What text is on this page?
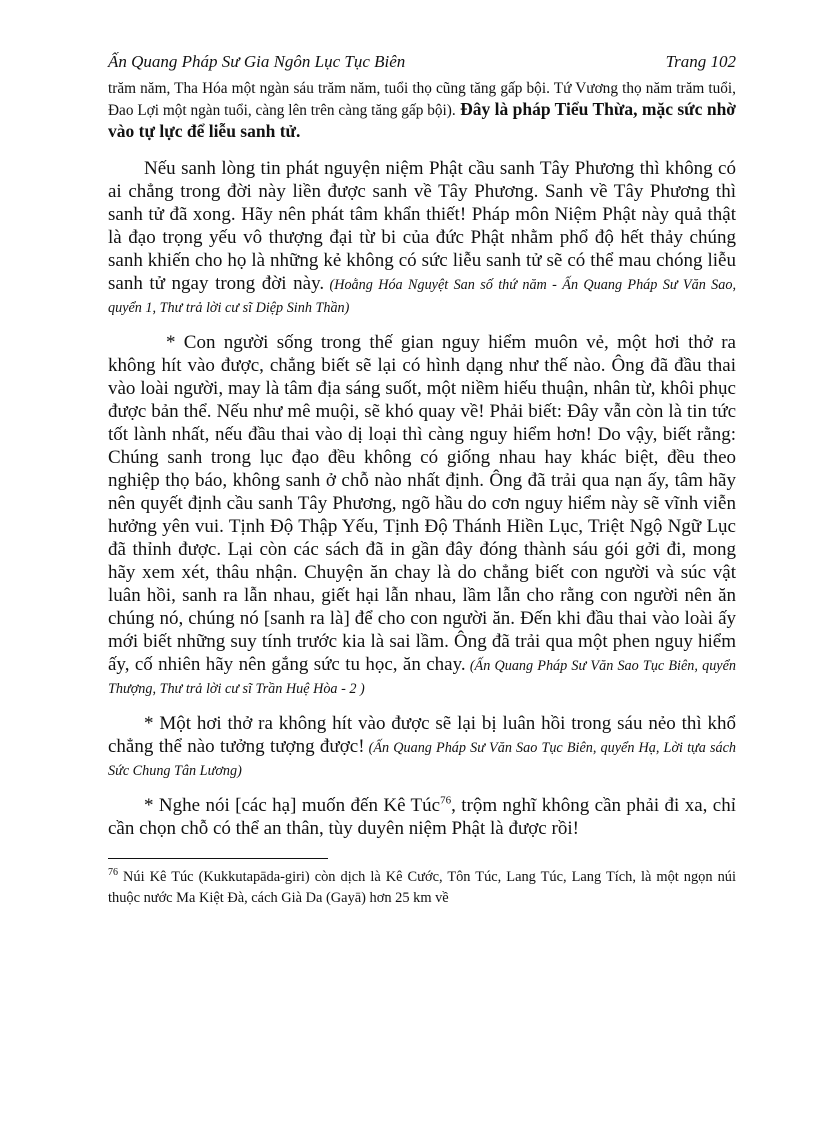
Ấn Quang Pháp Sư Gia Ngôn Lục Tục Biên	Trang 102

trăm năm, Tha Hóa một ngàn sáu trăm năm, tuổi thọ cũng tăng gấp bội. Tứ Vương thọ năm trăm tuổi, Đao Lợi một ngàn tuổi, càng lên trên càng tăng gấp bội). Đây là pháp Tiểu Thừa, mặc sức nhờ vào tự lực để liễu sanh tử.

Nếu sanh lòng tin phát nguyện niệm Phật cầu sanh Tây Phương thì không có ai chẳng trong đời này liền được sanh về Tây Phương. Sanh về Tây Phương thì sanh tử đã xong. Hãy nên phát tâm khẩn thiết! Pháp môn Niệm Phật này quả thật là đạo trọng yếu vô thượng đại từ bi của đức Phật nhằm phổ độ hết thảy chúng sanh khiến cho họ là những kẻ không có sức liễu sanh tử sẽ có thể mau chóng liễu sanh tử ngay trong đời này. (Hoằng Hóa Nguyệt San số thứ năm - Ấn Quang Pháp Sư Văn Sao, quyển 1, Thư trả lời cư sĩ Diệp Sinh Thần)

* Con người sống trong thế gian nguy hiểm muôn vẻ, một hơi thở ra không hít vào được, chẳng biết sẽ lại có hình dạng như thế nào. Ông đã đầu thai vào loài người, may là tâm địa sáng suốt, một niềm hiếu thuận, nhân từ, khôi phục được bản thể. Nếu như mê muội, sẽ khó quay về! Phải biết: Đây vẫn còn là tin tức tốt lành nhất, nếu đầu thai vào dị loại thì càng nguy hiểm hơn! Do vậy, biết rằng: Chúng sanh trong lục đạo đều không có giống nhau hay khác biệt, đều theo nghiệp thọ báo, không sanh ở chỗ nào nhất định. Ông đã trải qua nạn ấy, tâm hãy nên quyết định cầu sanh Tây Phương, ngõ hầu do cơn nguy hiểm này sẽ vĩnh viễn hưởng yên vui. Tịnh Độ Thập Yếu, Tịnh Độ Thánh Hiền Lục, Triệt Ngộ Ngữ Lục đã thỉnh được. Lại còn các sách đã in gần đây đóng thành sáu gói gởi đi, mong hãy xem xét, thâu nhận. Chuyện ăn chay là do chẳng biết con người và súc vật luân hồi, sanh ra lẫn nhau, giết hại lẫn nhau, lầm lẫn cho rằng con người nên ăn chúng nó, chúng nó [sanh ra là] để cho con người ăn. Đến khi đầu thai vào loài ấy mới biết những suy tính trước kia là sai lầm. Ông đã trải qua một phen nguy hiểm ấy, cố nhiên hãy nên gắng sức tu học, ăn chay. (Ấn Quang Pháp Sư Văn Sao Tục Biên, quyển Thượng, Thư trả lời cư sĩ Trần Huệ Hòa - 2 )

* Một hơi thở ra không hít vào được sẽ lại bị luân hồi trong sáu nẻo thì khổ chẳng thể nào tưởng tượng được! (Ấn Quang Pháp Sư Văn Sao Tục Biên, quyển Hạ, Lời tựa sách Sức Chung Tân Lương)

* Nghe nói [các hạ] muốn đến Kê Túc$^{76}$, trộm nghĩ không cần phải đi xa, chỉ cần chọn chỗ có thể an thân, tùy duyên niệm Phật là được rồi!

$^{76}$ Núi Kê Túc (Kukkutapāda-giri) còn dịch là Kê Cước, Tôn Túc, Lang Túc, Lang Tích, là một ngọn núi thuộc nước Ma Kiệt Đà, cách Già Da (Gayā) hơn 25 km về
